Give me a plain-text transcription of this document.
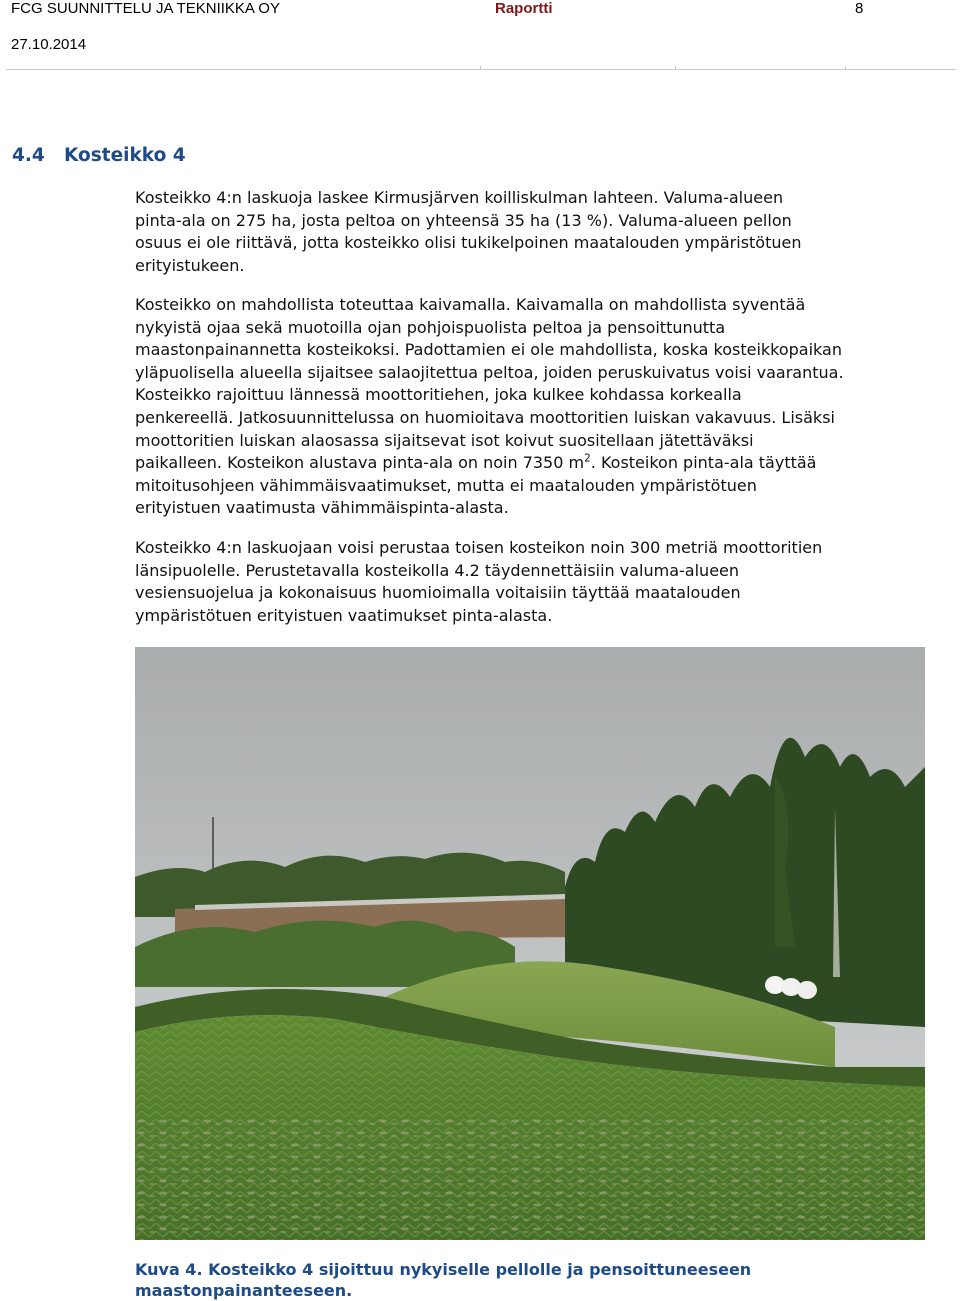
FCG SUUNNITTELU JA TEKNIIKKA OY	Raportti	8
27.10.2014
4.4 Kosteikko 4

Kosteikko 4:n laskuoja laskee Kirmusjärven koilliskulman lahteen. Valuma-alueen
pinta-ala on 275 ha, josta peltoa on yhteensä 35 ha (13 %). Valuma-alueen pellon
osuus ei ole riittävä, jotta kosteikko olisi tukikelpoinen maatalouden ympäristötuen
erityistukeen.

Kosteikko on mahdollista toteuttaa kaivamalla. Kaivamalla on mahdollista syventää
nykyistä ojaa sekä muotoilla ojan pohjoispuolista peltoa ja pensoittunutta
maastonpainannetta kosteikoksi. Padottamien ei ole mahdollista, koska kosteikkopaikan
yläpuolisella alueella sijaitsee salaojitettua peltoa, joiden peruskuivatus voisi vaarantua.
Kosteikko rajoittuu lännessä moottoritiehen, joka kulkee kohdassa korkealla
penkereellä. Jatkosuunnittelussa on huomioitava moottoritien luiskan vakavuus. Lisäksi
moottoritien luiskan alaosassa sijaitsevat isot koivut suositellaan jätettäväksi
paikalleen. Kosteikon alustava pinta-ala on noin 7350 $m^2$. Kosteikon pinta-ala täyttää
mitoitusohjeen vähimmäisvaatimukset, mutta ei maatalouden ympäristötuen
erityistuen vaatimusta vähimmäispinta-alasta.

Kosteikko 4:n laskuojaan voisi perustaa toisen kosteikon noin 300 metriä moottoritien
länsipuolelle. Perustetavalla kosteikolla 4.2 täydennettäisiin valuma-alueen
vesiensuojelua ja kokonaisuus huomioimalla voitaisiin täyttää maatalouden
ympäristötuen erityistuen vaatimukset pinta-alasta.

Kuva 4. Kosteikko 4 sijoittuu nykyiselle pellolle ja pensoittuneeseen
maastonpainanteeseen.
